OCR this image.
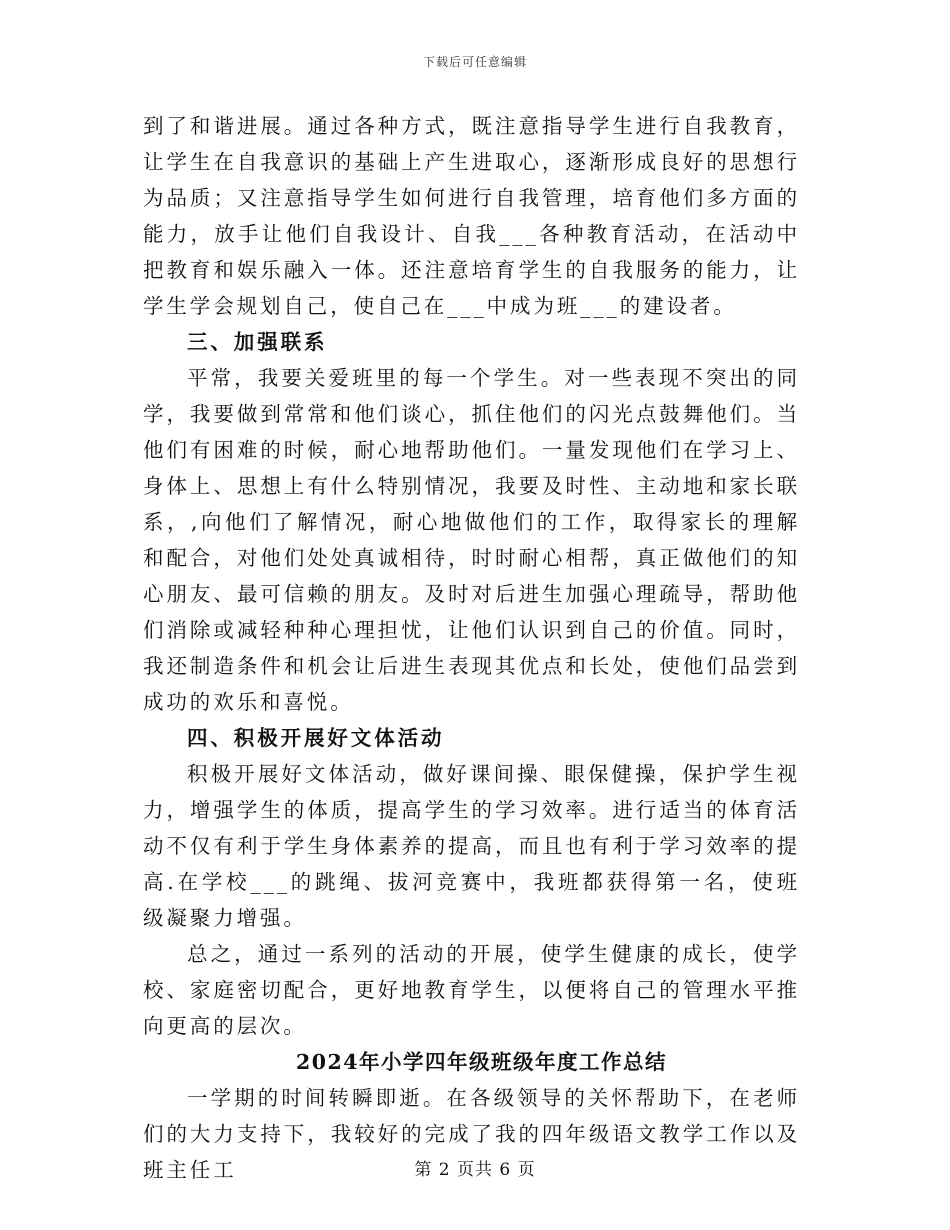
下载后可任意编辑

到了和谐进展。通过各种方式，既注意指导学生进行自我教育，让学生在自我意识的基础上产生进取心，逐渐形成良好的思想行为品质；又注意指导学生如何进行自我管理，培育他们多方面的能力，放手让他们自我设计、自我___各种教育活动，在活动中把教育和娱乐融入一体。还注意培育学生的自我服务的能力，让学生学会规划自己，使自己在___中成为班___的建设者。

三、加强联系

平常，我要关爱班里的每一个学生。对一些表现不突出的同学，我要做到常常和他们谈心，抓住他们的闪光点鼓舞他们。当他们有困难的时候，耐心地帮助他们。一量发现他们在学习上、身体上、思想上有什么特别情况，我要及时性、主动地和家长联系，,向他们了解情况，耐心地做他们的工作，取得家长的理解和配合，对他们处处真诚相待，时时耐心相帮，真正做他们的知心朋友、最可信赖的朋友。及时对后进生加强心理疏导，帮助他们消除或减轻种种心理担忧，让他们认识到自己的价值。同时，我还制造条件和机会让后进生表现其优点和长处，使他们品尝到成功的欢乐和喜悦。

四、积极开展好文体活动

积极开展好文体活动，做好课间操、眼保健操，保护学生视力，增强学生的体质，提高学生的学习效率。进行适当的体育活动不仅有利于学生身体素养的提高，而且也有利于学习效率的提高.在学校___的跳绳、拔河竞赛中，我班都获得第一名，使班级凝聚力增强。

总之，通过一系列的活动的开展，使学生健康的成长，使学校、家庭密切配合，更好地教育学生，以便将自己的管理水平推向更高的层次。

2024年小学四年级班级年度工作总结

一学期的时间转瞬即逝。在各级领导的关怀帮助下，在老师们的大力支持下，我较好的完成了我的四年级语文教学工作以及班主任工	第 2 页共 6 页
